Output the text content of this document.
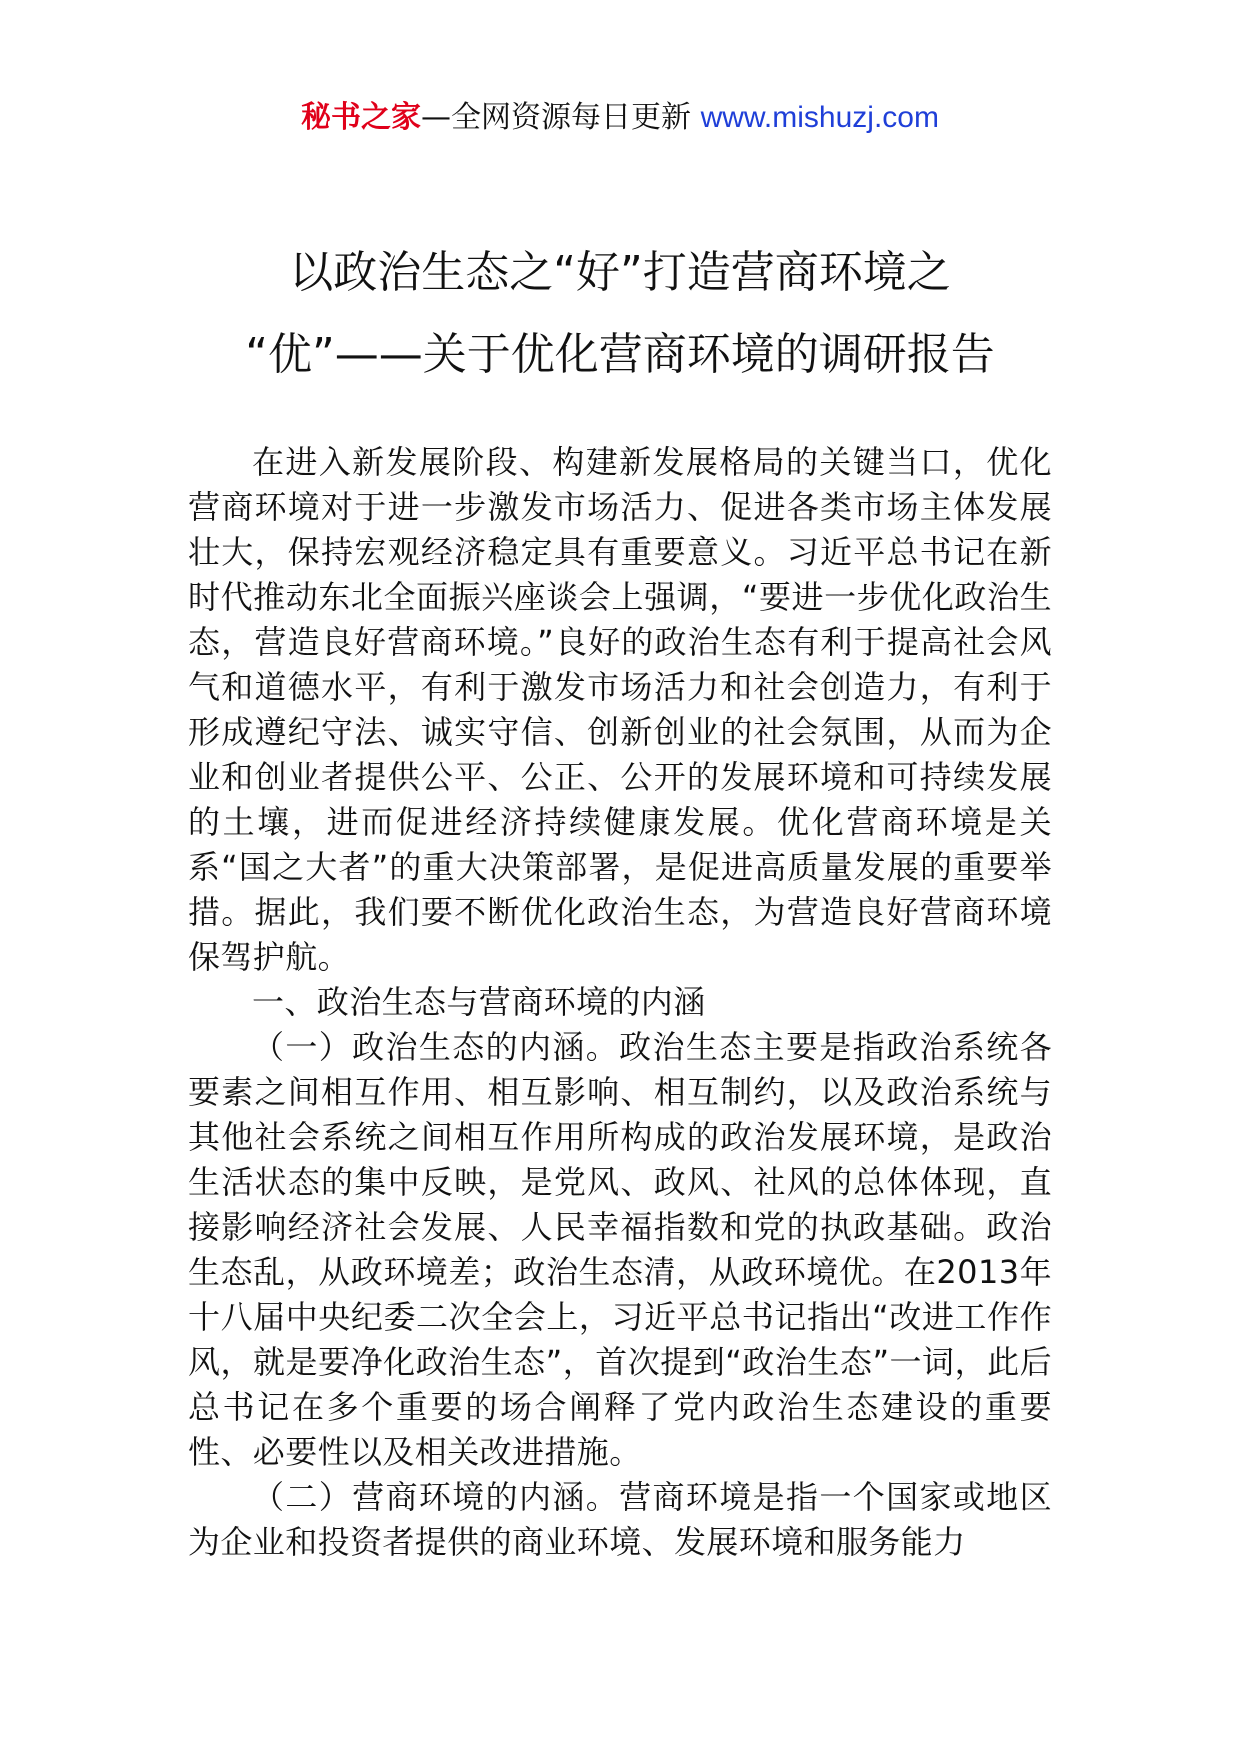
秘书之家—全网资源每日更新 www.mishuzj.com
以政治生态之“好”打造营商环境之
“优”——关于优化营商环境的调研报告

在进入新发展阶段、构建新发展格局的关键当口，优化营商环境对于进一步激发市场活力、促进各类市场主体发展壮大，保持宏观经济稳定具有重要意义。习近平总书记在新时代推动东北全面振兴座谈会上强调，“要进一步优化政治生态，营造良好营商环境。”良好的政治生态有利于提高社会风气和道德水平，有利于激发市场活力和社会创造力，有利于形成遵纪守法、诚实守信、创新创业的社会氛围，从而为企业和创业者提供公平、公正、公开的发展环境和可持续发展的土壤，进而促进经济持续健康发展。优化营商环境是关系“国之大者”的重大决策部署，是促进高质量发展的重要举措。据此，我们要不断优化政治生态，为营造良好营商环境保驾护航。

一、政治生态与营商环境的内涵

（一）政治生态的内涵。政治生态主要是指政治系统各要素之间相互作用、相互影响、相互制约，以及政治系统与其他社会系统之间相互作用所构成的政治发展环境，是政治生活状态的集中反映，是党风、政风、社风的总体体现，直接影响经济社会发展、人民幸福指数和党的执政基础。政治生态乱，从政环境差；政治生态清，从政环境优。在2013年十八届中央纪委二次全会上，习近平总书记指出“改进工作作风，就是要净化政治生态”，首次提到“政治生态”一词，此后总书记在多个重要的场合阐释了党内政治生态建设的重要性、必要性以及相关改进措施。

（二）营商环境的内涵。营商环境是指一个国家或地区为企业和投资者提供的商业环境、发展环境和服务能力
